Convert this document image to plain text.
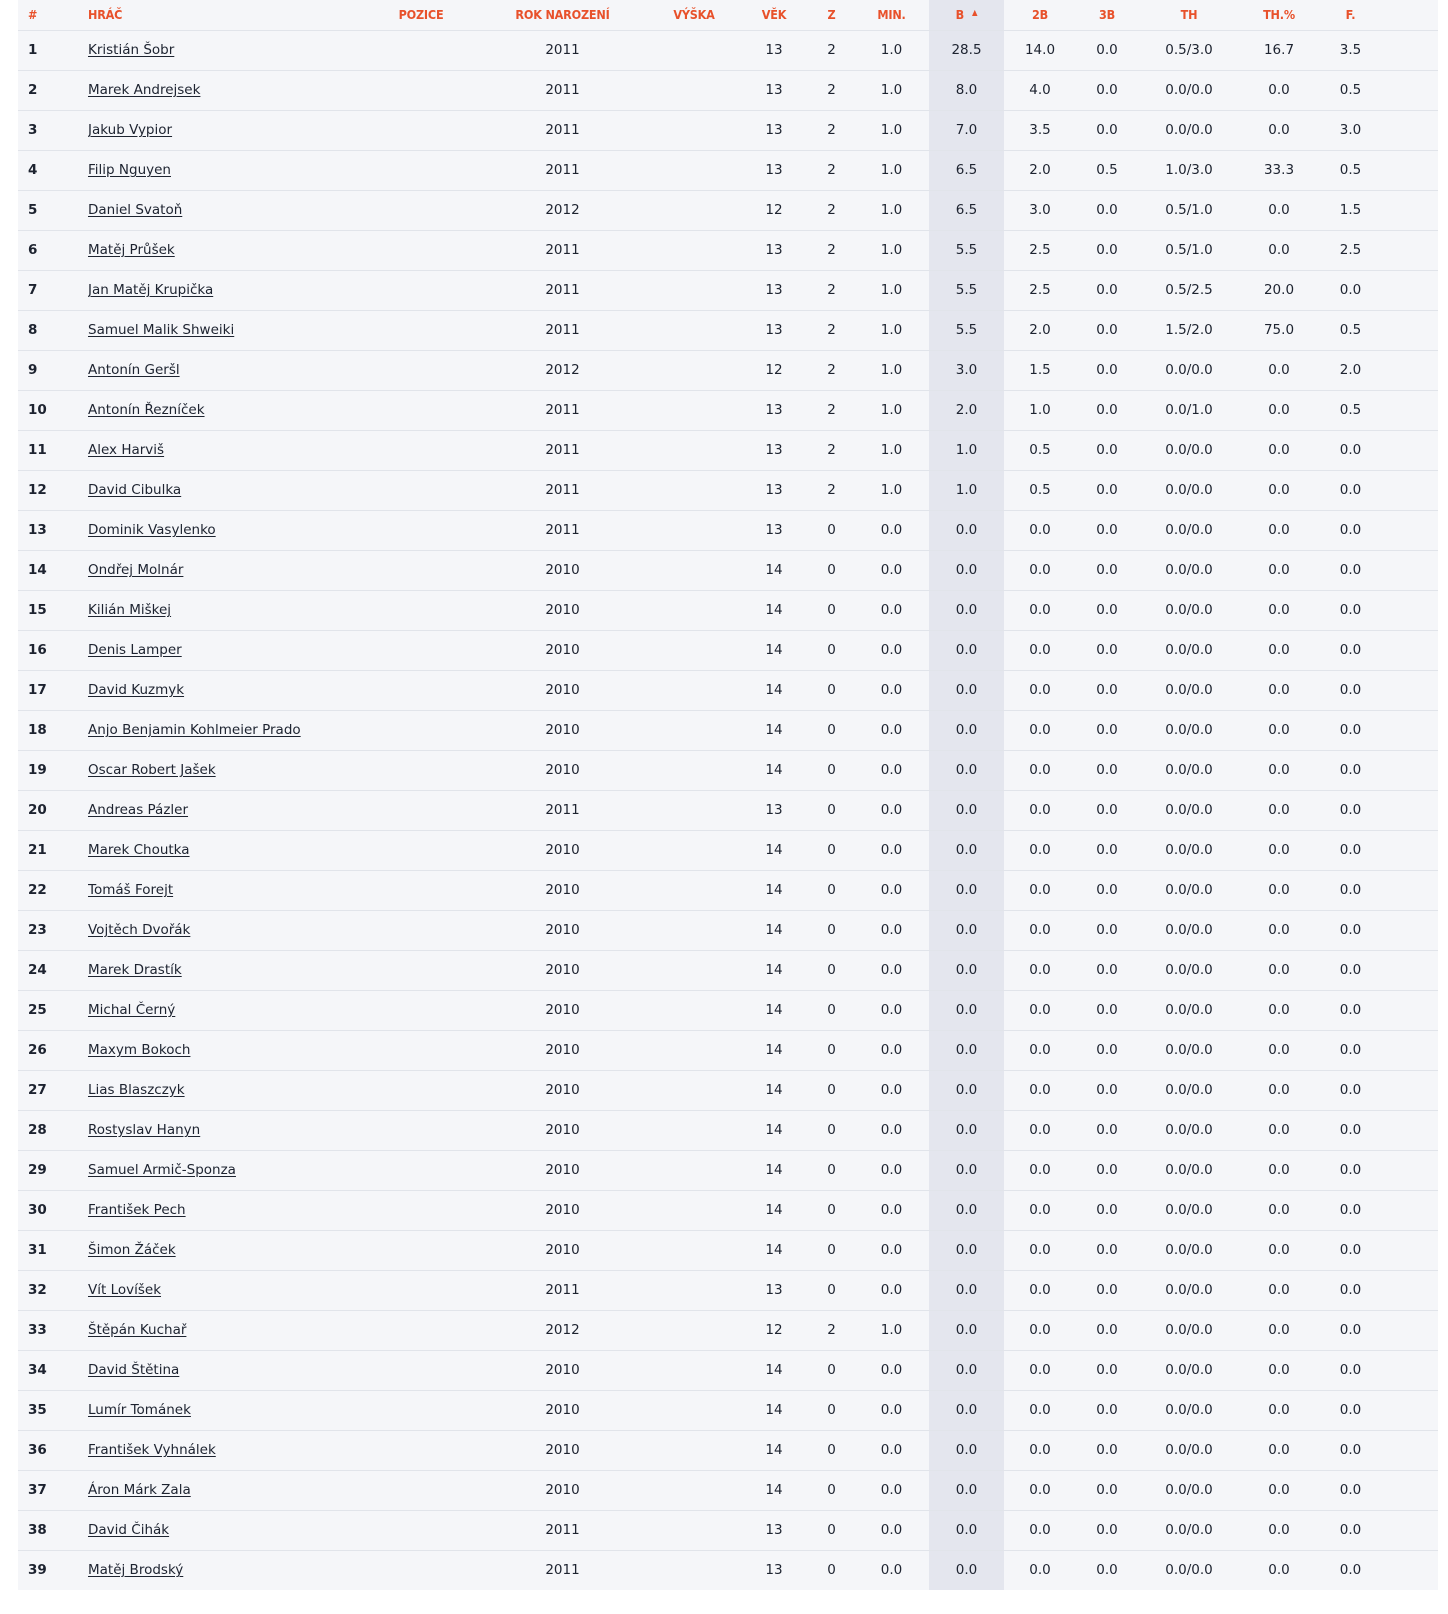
#	HRÁČ	POZICE	ROK NAROZENÍ	VÝŠKA	VĚK	Z	MIN.	B ▲	2B	3B	TH	TH.%	F.	
1	Kristián Šobr		2011		13	2	1.0	28.5	14.0	0.0	0.5/3.0	16.7	3.5	
2	Marek Andrejsek		2011		13	2	1.0	8.0	4.0	0.0	0.0/0.0	0.0	0.5	
3	Jakub Vypior		2011		13	2	1.0	7.0	3.5	0.0	0.0/0.0	0.0	3.0	
4	Filip Nguyen		2011		13	2	1.0	6.5	2.0	0.5	1.0/3.0	33.3	0.5	
5	Daniel Svatoň		2012		12	2	1.0	6.5	3.0	0.0	0.5/1.0	0.0	1.5	
6	Matěj Průšek		2011		13	2	1.0	5.5	2.5	0.0	0.5/1.0	0.0	2.5	
7	Jan Matěj Krupička		2011		13	2	1.0	5.5	2.5	0.0	0.5/2.5	20.0	0.0	
8	Samuel Malik Shweiki		2011		13	2	1.0	5.5	2.0	0.0	1.5/2.0	75.0	0.5	
9	Antonín Geršl		2012		12	2	1.0	3.0	1.5	0.0	0.0/0.0	0.0	2.0	
10	Antonín Řezníček		2011		13	2	1.0	2.0	1.0	0.0	0.0/1.0	0.0	0.5	
11	Alex Harviš		2011		13	2	1.0	1.0	0.5	0.0	0.0/0.0	0.0	0.0	
12	David Cibulka		2011		13	2	1.0	1.0	0.5	0.0	0.0/0.0	0.0	0.0	
13	Dominik Vasylenko		2011		13	0	0.0	0.0	0.0	0.0	0.0/0.0	0.0	0.0	
14	Ondřej Molnár		2010		14	0	0.0	0.0	0.0	0.0	0.0/0.0	0.0	0.0	
15	Kilián Miškej		2010		14	0	0.0	0.0	0.0	0.0	0.0/0.0	0.0	0.0	
16	Denis Lamper		2010		14	0	0.0	0.0	0.0	0.0	0.0/0.0	0.0	0.0	
17	David Kuzmyk		2010		14	0	0.0	0.0	0.0	0.0	0.0/0.0	0.0	0.0	
18	Anjo Benjamin Kohlmeier Prado		2010		14	0	0.0	0.0	0.0	0.0	0.0/0.0	0.0	0.0	
19	Oscar Robert Jašek		2010		14	0	0.0	0.0	0.0	0.0	0.0/0.0	0.0	0.0	
20	Andreas Pázler		2011		13	0	0.0	0.0	0.0	0.0	0.0/0.0	0.0	0.0	
21	Marek Choutka		2010		14	0	0.0	0.0	0.0	0.0	0.0/0.0	0.0	0.0	
22	Tomáš Forejt		2010		14	0	0.0	0.0	0.0	0.0	0.0/0.0	0.0	0.0	
23	Vojtěch Dvořák		2010		14	0	0.0	0.0	0.0	0.0	0.0/0.0	0.0	0.0	
24	Marek Drastík		2010		14	0	0.0	0.0	0.0	0.0	0.0/0.0	0.0	0.0	
25	Michal Černý		2010		14	0	0.0	0.0	0.0	0.0	0.0/0.0	0.0	0.0	
26	Maxym Bokoch		2010		14	0	0.0	0.0	0.0	0.0	0.0/0.0	0.0	0.0	
27	Lias Blaszczyk		2010		14	0	0.0	0.0	0.0	0.0	0.0/0.0	0.0	0.0	
28	Rostyslav Hanyn		2010		14	0	0.0	0.0	0.0	0.0	0.0/0.0	0.0	0.0	
29	Samuel Armič-Sponza		2010		14	0	0.0	0.0	0.0	0.0	0.0/0.0	0.0	0.0	
30	František Pech		2010		14	0	0.0	0.0	0.0	0.0	0.0/0.0	0.0	0.0	
31	Šimon Žáček		2010		14	0	0.0	0.0	0.0	0.0	0.0/0.0	0.0	0.0	
32	Vít Lovíšek		2011		13	0	0.0	0.0	0.0	0.0	0.0/0.0	0.0	0.0	
33	Štěpán Kuchař		2012		12	2	1.0	0.0	0.0	0.0	0.0/0.0	0.0	0.0	
34	David Štětina		2010		14	0	0.0	0.0	0.0	0.0	0.0/0.0	0.0	0.0	
35	Lumír Tománek		2010		14	0	0.0	0.0	0.0	0.0	0.0/0.0	0.0	0.0	
36	František Vyhnálek		2010		14	0	0.0	0.0	0.0	0.0	0.0/0.0	0.0	0.0	
37	Áron Márk Zala		2010		14	0	0.0	0.0	0.0	0.0	0.0/0.0	0.0	0.0	
38	David Čihák		2011		13	0	0.0	0.0	0.0	0.0	0.0/0.0	0.0	0.0	
39	Matěj Brodský		2011		13	0	0.0	0.0	0.0	0.0	0.0/0.0	0.0	0.0	
